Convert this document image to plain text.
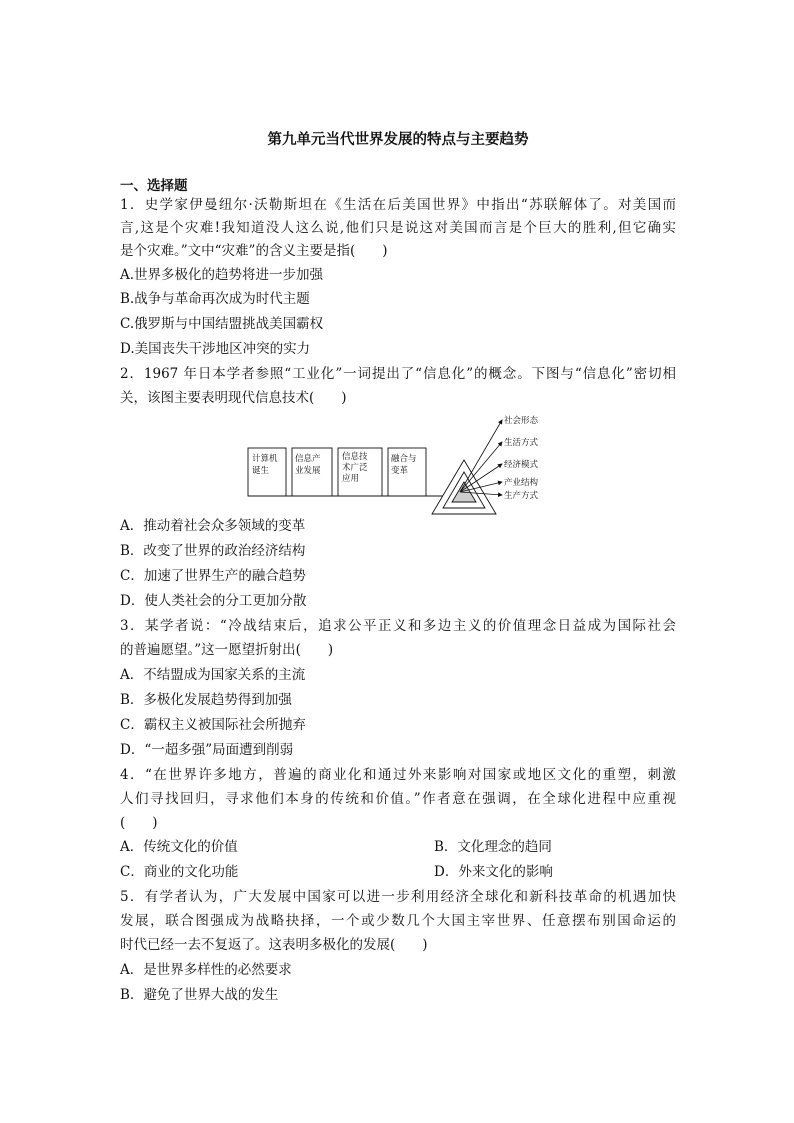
第九单元当代世界发展的特点与主要趋势
一、选择题
1．史学家伊曼纽尔·沃勒斯坦在《生活在后美国世界》中指出“苏联解体了。对美国而
言,这是个灾难!我知道没人这么说,他们只是说这对美国而言是个巨大的胜利,但它确实
是个灾难。”文中“灾难”的含义主要是指(　　)
A.世界多极化的趋势将进一步加强
B.战争与革命再次成为时代主题
C.俄罗斯与中国结盟挑战美国霸权
D.美国丧失干涉地区冲突的实力
2．1967 年日本学者参照“工业化”一词提出了“信息化”的概念。下图与“信息化”密切相
关，该图主要表明现代信息技术(　　)
计算机
诞生
信息产
业发展
信息技
术广泛
应用
融合与
变革
社会形态
生活方式
经济模式
产业结构
生产方式
A．推动着社会众多领域的变革
B．改变了世界的政治经济结构
C．加速了世界生产的融合趋势
D．使人类社会的分工更加分散
3．某学者说：“冷战结束后，追求公平正义和多边主义的价值理念日益成为国际社会
的普遍愿望。”这一愿望折射出(　　)
A．不结盟成为国家关系的主流
B．多极化发展趋势得到加强
C．霸权主义被国际社会所抛弃
D．“一超多强”局面遭到削弱
4．“在世界许多地方，普遍的商业化和通过外来影响对国家或地区文化的重塑，刺激
人们寻找回归，寻求他们本身的传统和价值。”作者意在强调，在全球化进程中应重视
(　　)
A．传统文化的价值	B．文化理念的趋同
C．商业的文化功能	D．外来文化的影响
5．有学者认为，广大发展中国家可以进一步利用经济全球化和新科技革命的机遇加快
发展，联合图强成为战略抉择，一个或少数几个大国主宰世界、任意摆布别国命运的
时代已经一去不复返了。这表明多极化的发展(　　)
A．是世界多样性的必然要求
B．避免了世界大战的发生
